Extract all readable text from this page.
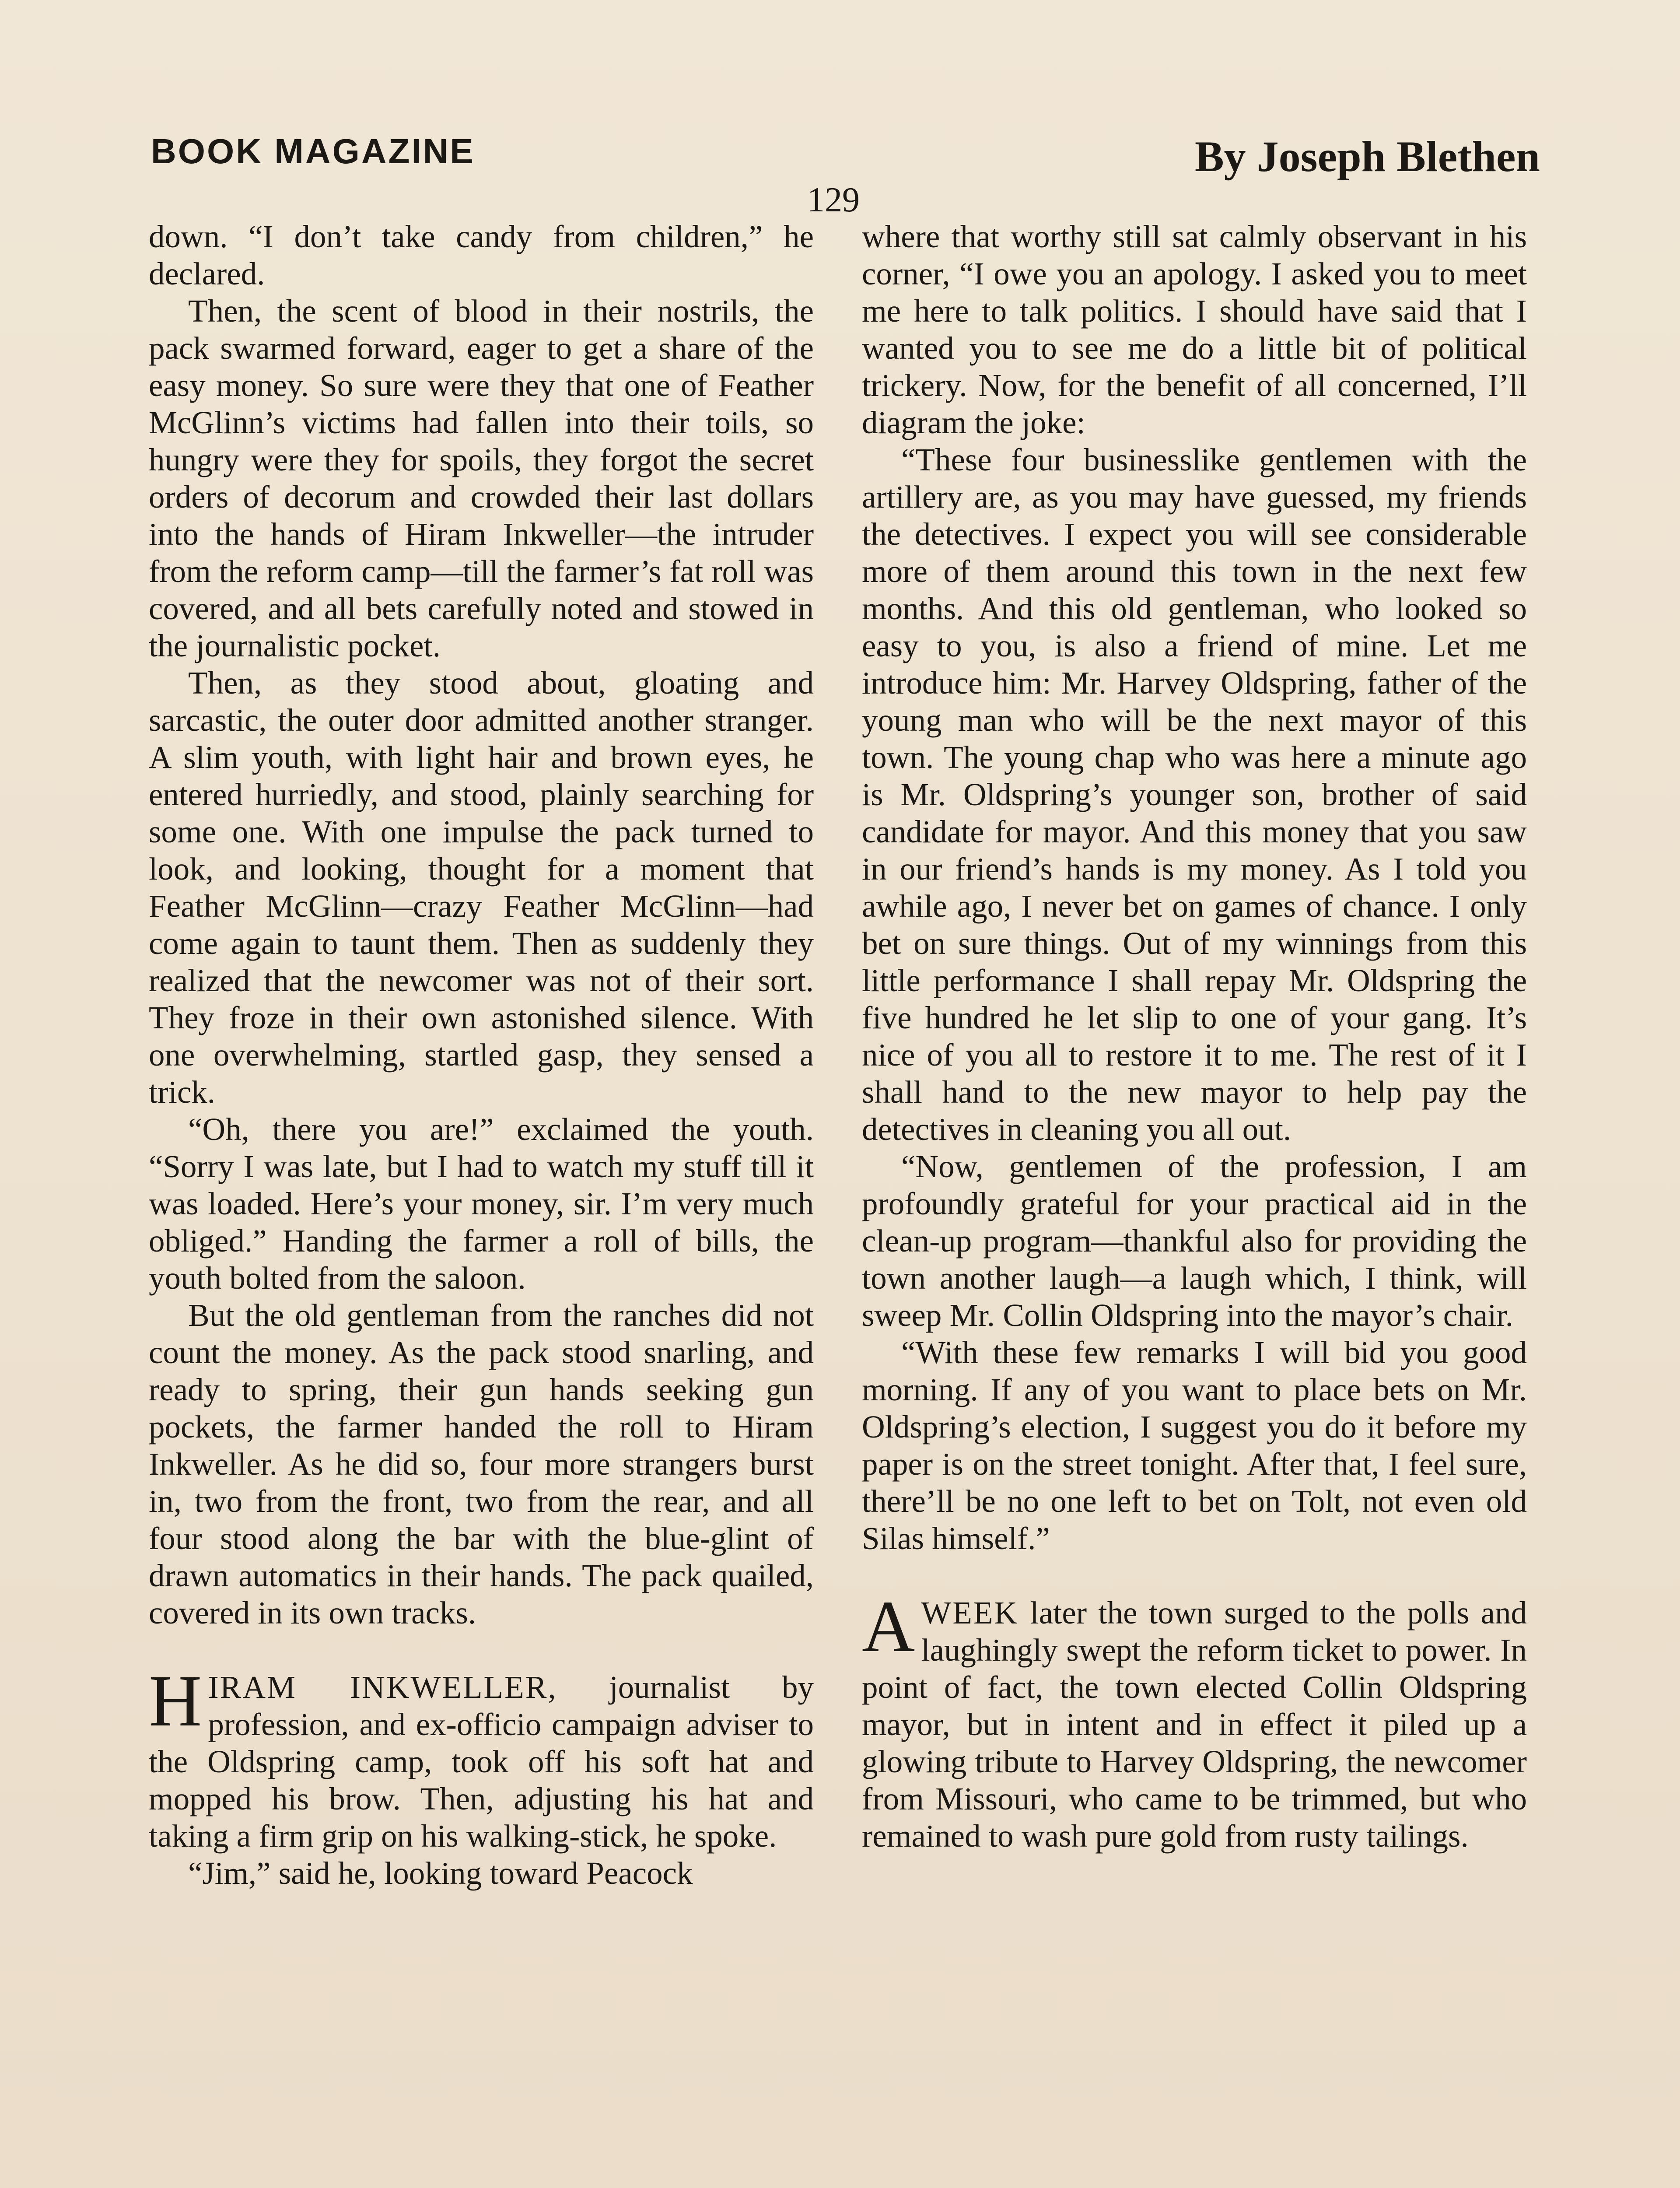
BOOK MAGAZINE	By Joseph Blethen
129

down. “I don’t take candy from children,” he declared.

Then, the scent of blood in their nostrils, the pack swarmed forward, eager to get a share of the easy money. So sure were they that one of Feather McGlinn’s victims had fallen into their toils, so hungry were they for spoils, they forgot the secret orders of decorum and crowded their last dollars into the hands of Hiram Inkweller—the intruder from the reform camp—till the farmer’s fat roll was covered, and all bets carefully noted and stowed in the journalistic pocket.

Then, as they stood about, gloating and sarcastic, the outer door admitted another stranger. A slim youth, with light hair and brown eyes, he entered hurriedly, and stood, plainly searching for some one. With one impulse the pack turned to look, and looking, thought for a moment that Feather McGlinn—crazy Feather McGlinn—had come again to taunt them. Then as suddenly they realized that the newcomer was not of their sort. They froze in their own astonished silence. With one overwhelming, startled gasp, they sensed a trick.

“Oh, there you are!” exclaimed the youth. “Sorry I was late, but I had to watch my stuff till it was loaded. Here’s your money, sir. I’m very much obliged.” Handing the farmer a roll of bills, the youth bolted from the saloon.

But the old gentleman from the ranches did not count the money. As the pack stood snarling, and ready to spring, their gun hands seeking gun pockets, the farmer handed the roll to Hiram Inkweller. As he did so, four more strangers burst in, two from the front, two from the rear, and all four stood along the bar with the blue-glint of drawn automatics in their hands. The pack quailed, covered in its own tracks.

HIRAM INKWELLER, journalist by profession, and ex-officio campaign adviser to the Oldspring camp, took off his soft hat and mopped his brow. Then, adjusting his hat and taking a firm grip on his walking-stick, he spoke.

“Jim,” said he, looking toward Peacock

where that worthy still sat calmly observant in his corner, “I owe you an apology. I asked you to meet me here to talk politics. I should have said that I wanted you to see me do a little bit of political trickery. Now, for the benefit of all concerned, I’ll diagram the joke:

“These four businesslike gentlemen with the artillery are, as you may have guessed, my friends the detectives. I expect you will see considerable more of them around this town in the next few months. And this old gentleman, who looked so easy to you, is also a friend of mine. Let me introduce him: Mr. Harvey Oldspring, father of the young man who will be the next mayor of this town. The young chap who was here a minute ago is Mr. Oldspring’s younger son, brother of said candidate for mayor. And this money that you saw in our friend’s hands is my money. As I told you awhile ago, I never bet on games of chance. I only bet on sure things. Out of my winnings from this little performance I shall repay Mr. Oldspring the five hundred he let slip to one of your gang. It’s nice of you all to restore it to me. The rest of it I shall hand to the new mayor to help pay the detectives in cleaning you all out.

“Now, gentlemen of the profession, I am profoundly grateful for your practical aid in the clean-up program—thankful also for providing the town another laugh—a laugh which, I think, will sweep Mr. Collin Oldspring into the mayor’s chair.

“With these few remarks I will bid you good morning. If any of you want to place bets on Mr. Oldspring’s election, I suggest you do it before my paper is on the street tonight. After that, I feel sure, there’ll be no one left to bet on Tolt, not even old Silas himself.”

AWEEK later the town surged to the polls and laughingly swept the reform ticket to power. In point of fact, the town elected Collin Oldspring mayor, but in intent and in effect it piled up a glowing tribute to Harvey Oldspring, the newcomer from Missouri, who came to be trimmed, but who remained to wash pure gold from rusty tailings.
